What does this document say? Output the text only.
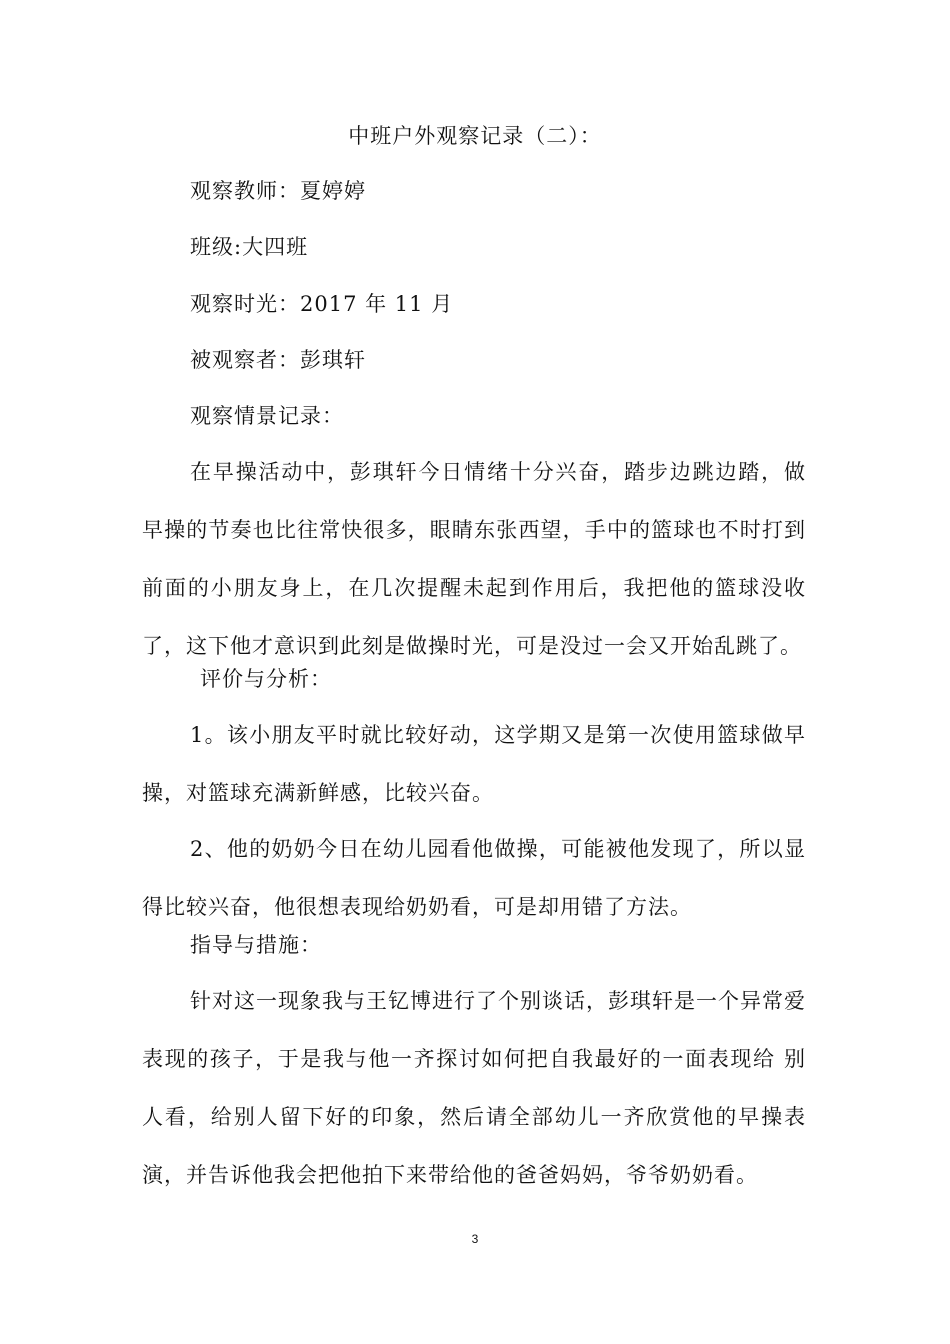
中班户外观察记录（二）：
观察教师：夏婷婷
班级:大四班
观察时光：2017 年 11 月
被观察者：彭琪轩
观察情景记录：
在早操活动中，彭琪轩今日情绪十分兴奋，踏步边跳边踏，做 早操的节奏也比往常快很多，眼睛东张西望，手中的篮球也不时打到前面的小朋友身上，在几次提醒未起到作用后，我把他的篮球没收了，这下他才意识到此刻是做操时光，可是没过一会又开始乱跳了。
评价与分析：
1。该小朋友平时就比较好动，这学期又是第一次使用篮球做早操，对篮球充满新鲜感，比较兴奋。
2、他的奶奶今日在幼儿园看他做操，可能被他发现了，所以显得比较兴奋，他很想表现给奶奶看，可是却用错了方法。
指导与措施：
针对这一现象我与王钇博进行了个别谈话，彭琪轩是一个异常爱表现的孩子，于是我与他一齐探讨如何把自我最好的一面表现给 别人看，给别人留下好的印象，然后请全部幼儿一齐欣赏他的早操表演，并告诉他我会把他拍下来带给他的爸爸妈妈，爷爷奶奶看。
3
